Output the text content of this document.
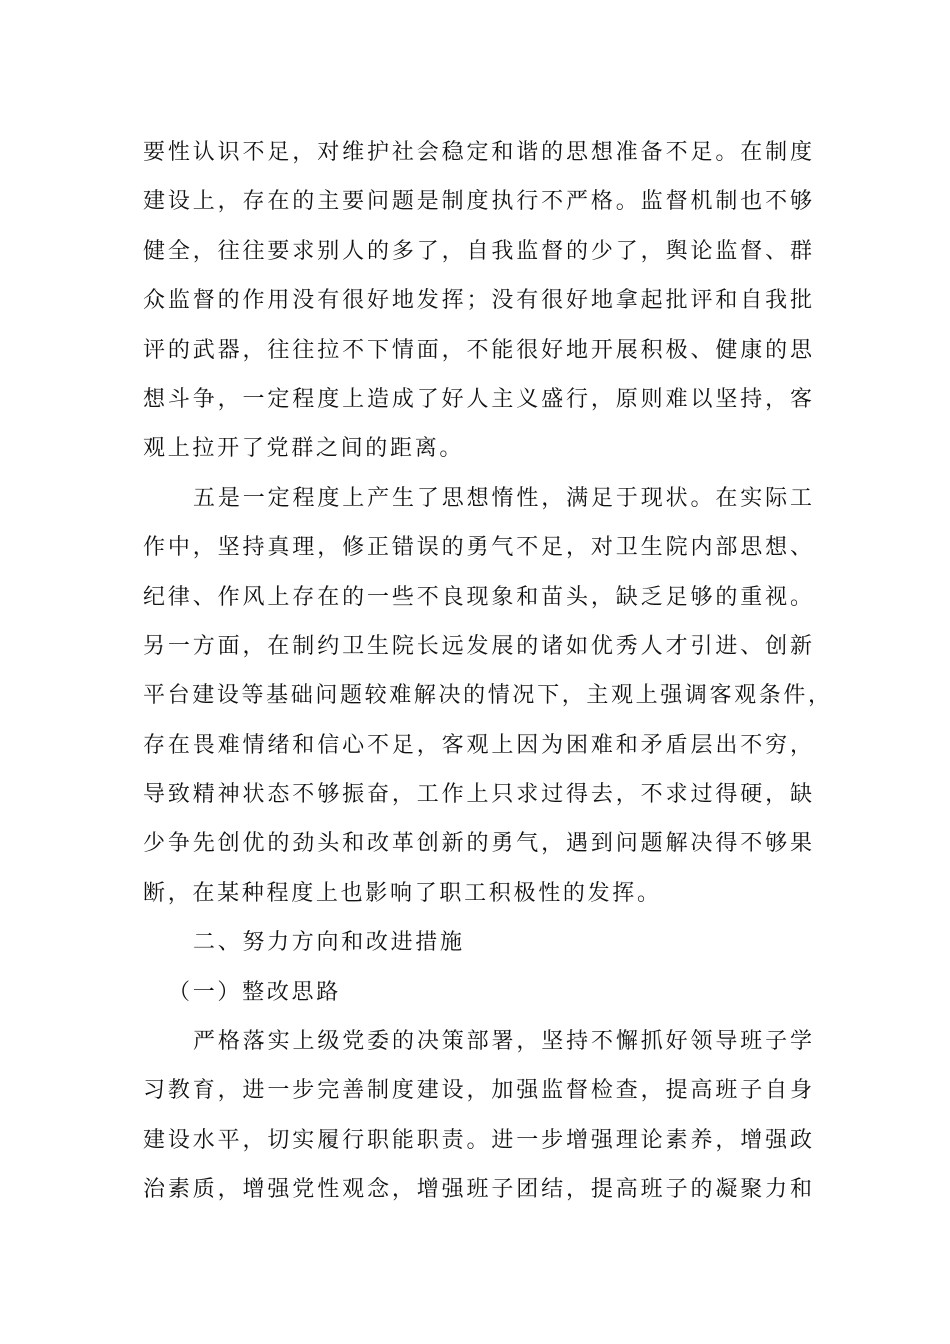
要性认识不足，对维护社会稳定和谐的思想准备不足。在制度
建设上，存在的主要问题是制度执行不严格。监督机制也不够
健全，往往要求别人的多了，自我监督的少了，舆论监督、群
众监督的作用没有很好地发挥；没有很好地拿起批评和自我批
评的武器，往往拉不下情面，不能很好地开展积极、健康的思
想斗争，一定程度上造成了好人主义盛行，原则难以坚持，客
观上拉开了党群之间的距离。
五是一定程度上产生了思想惰性，满足于现状。在实际工
作中，坚持真理，修正错误的勇气不足，对卫生院内部思想、
纪律、作风上存在的一些不良现象和苗头，缺乏足够的重视。
另一方面，在制约卫生院长远发展的诸如优秀人才引进、创新
平台建设等基础问题较难解决的情况下，主观上强调客观条件，
存在畏难情绪和信心不足，客观上因为困难和矛盾层出不穷，
导致精神状态不够振奋，工作上只求过得去，不求过得硬，缺
少争先创优的劲头和改革创新的勇气，遇到问题解决得不够果
断，在某种程度上也影响了职工积极性的发挥。
二、努力方向和改进措施
（一）整改思路
严格落实上级党委的决策部署，坚持不懈抓好领导班子学
习教育，进一步完善制度建设，加强监督检查，提高班子自身
建设水平，切实履行职能职责。进一步增强理论素养，增强政
治素质，增强党性观念，增强班子团结，提高班子的凝聚力和
